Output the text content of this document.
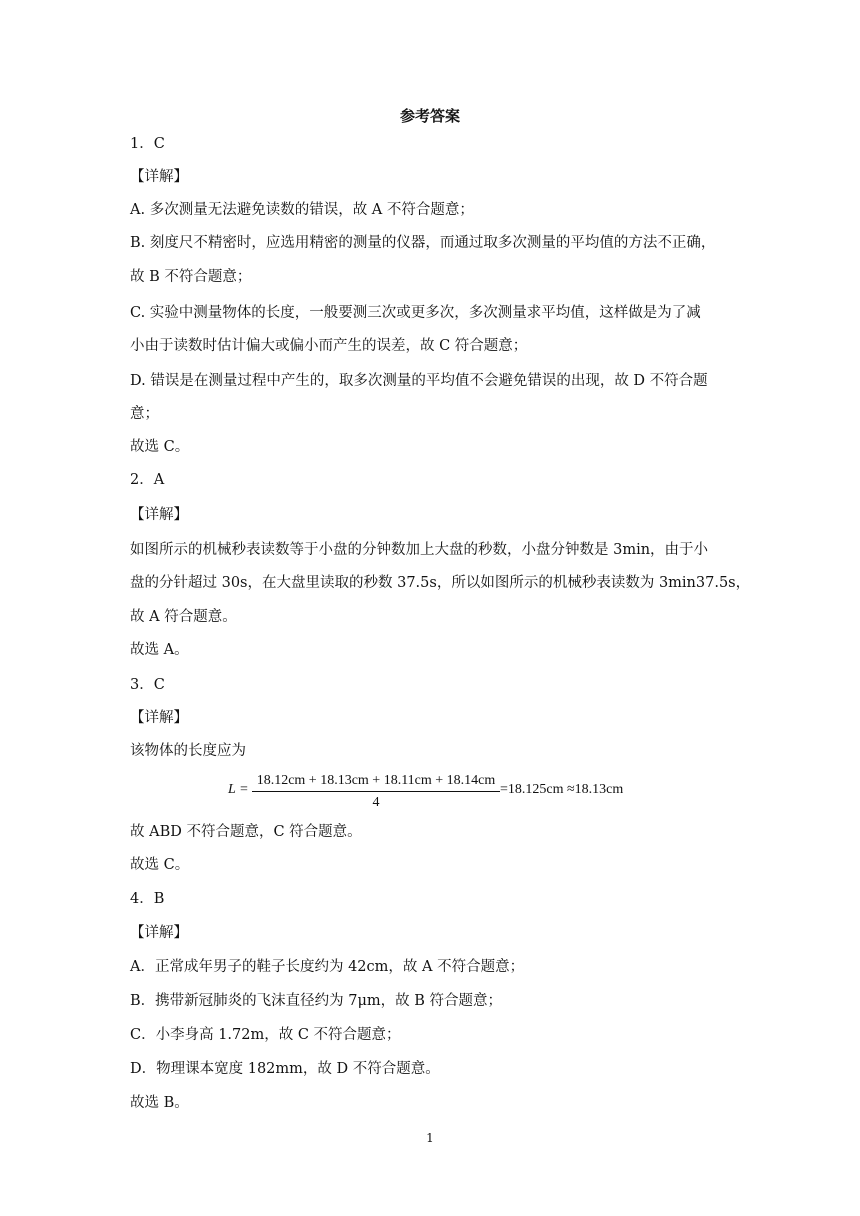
参考答案
1．C
【详解】
A. 多次测量无法避免读数的错误，故 A 不符合题意；
B. 刻度尺不精密时，应选用精密的测量的仪器，而通过取多次测量的平均值的方法不正确，
故 B 不符合题意；
C. 实验中测量物体的长度，一般要测三次或更多次，多次测量求平均值，这样做是为了减
小由于读数时估计偏大或偏小而产生的误差，故 C 符合题意；
D. 错误是在测量过程中产生的，取多次测量的平均值不会避免错误的出现，故 D 不符合题
意；
故选 C。
2．A
【详解】
如图所示的机械秒表读数等于小盘的分钟数加上大盘的秒数，小盘分钟数是 3min，由于小
盘的分针超过 30s，在大盘里读取的秒数 37.5s，所以如图所示的机械秒表读数为 3min37.5s，
故 A 符合题意。
故选 A。
3．C
【详解】
该物体的长度应为
L =
18.12cm + 18.13cm + 18.11cm + 18.14cm
4
=18.125cm ≈18.13cm
故 ABD 不符合题意，C 符合题意。
故选 C。
4．B
【详解】
A．正常成年男子的鞋子长度约为 42cm，故 A 不符合题意；
B．携带新冠肺炎的飞沫直径约为 7μm，故 B 符合题意；
C．小李身高 1.72m，故 C 不符合题意；
D．物理课本宽度 182mm，故 D 不符合题意。
故选 B。
1
